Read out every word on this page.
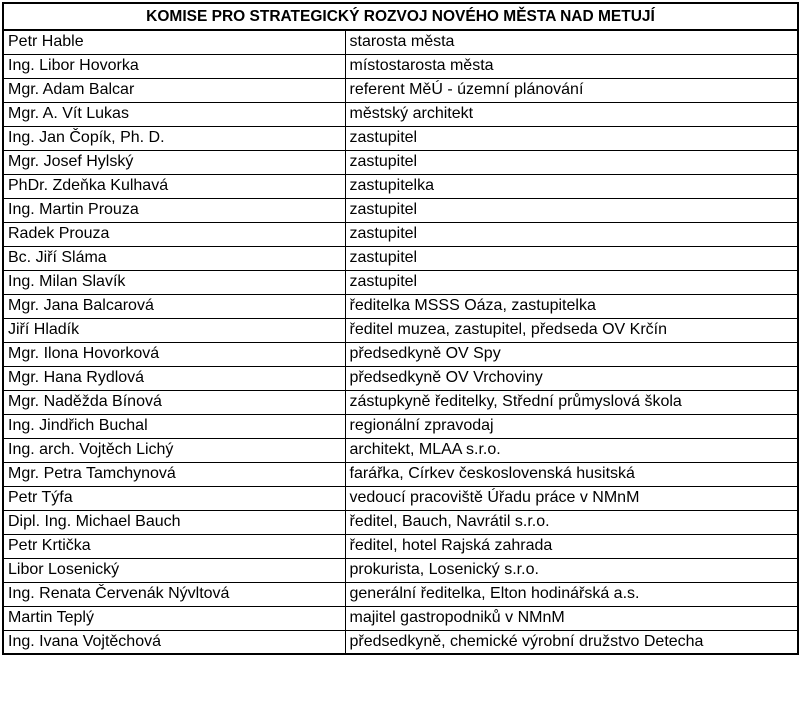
KOMISE PRO STRATEGICKÝ ROZVOJ NOVÉHO MĚSTA NAD METUJÍ	
Petr Hable	starosta města
Ing. Libor Hovorka	místostarosta města
Mgr. Adam Balcar	referent MěÚ - územní plánování
Mgr. A. Vít Lukas	městský architekt
Ing. Jan Čopík, Ph. D.	zastupitel
Mgr. Josef Hylský	zastupitel
PhDr. Zdeňka Kulhavá	zastupitelka
Ing. Martin Prouza	zastupitel
Radek Prouza	zastupitel
Bc. Jiří Sláma	zastupitel
Ing. Milan Slavík	zastupitel
Mgr. Jana Balcarová	ředitelka MSSS Oáza, zastupitelka
Jiří Hladík	ředitel muzea, zastupitel, předseda OV Krčín
Mgr. Ilona Hovorková	předsedkyně OV Spy
Mgr. Hana Rydlová	předsedkyně OV Vrchoviny
Mgr. Naděžda Bínová	zástupkyně ředitelky, Střední průmyslová škola
Ing. Jindřich Buchal	regionální zpravodaj
Ing. arch. Vojtěch Lichý	architekt, MLAA s.r.o.
Mgr. Petra Tamchynová	farářka, Církev československá husitská
Petr Týfa	vedoucí pracoviště Úřadu práce v NMnM
Dipl. Ing. Michael Bauch	ředitel, Bauch, Navrátil s.r.o.
Petr Krtička	ředitel, hotel Rajská zahrada
Libor Losenický	prokurista, Losenický s.r.o.
Ing. Renata Červenák Nývltová	generální ředitelka, Elton hodinářská a.s.
Martin Teplý	majitel gastropodniků v NMnM
Ing. Ivana Vojtěchová	předsedkyně, chemické výrobní družstvo Detecha
